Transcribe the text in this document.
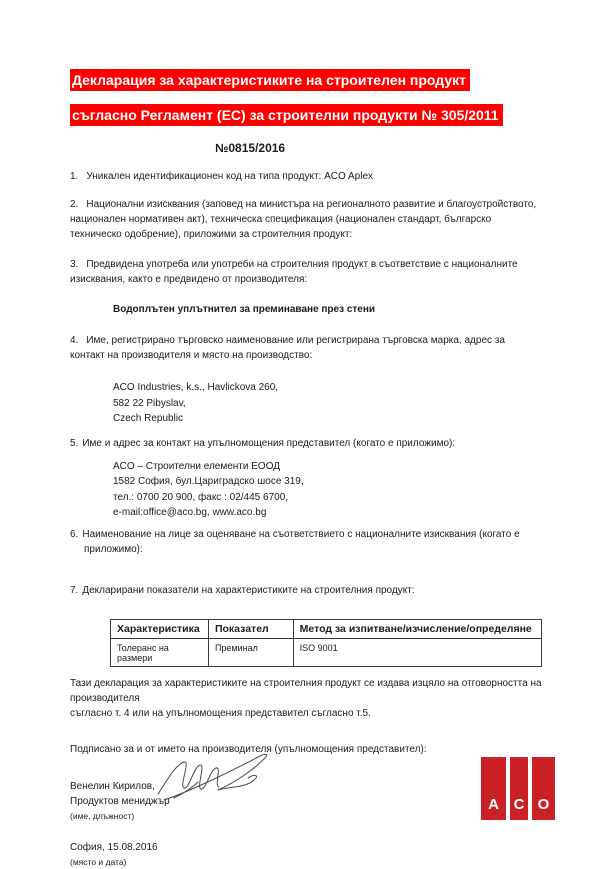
Декларация за характеристиките на строителен продукт

съгласно Регламент (ЕС) за строителни продукти № 305/2011

№0815/2016

1. Уникален идентификационен код на типа продукт: ACO Aplex

2. Национални изисквания (заповед на министъра на регионалното развитие и благоустройството, национален нормативен акт), техническа спецификация (национален стандарт, българско техническо одобрение), приложими за строителния продукт:

3. Предвидена употреба или употреби на строителния продукт в съответствие с националните изисквания, както е предвидено от производителя:

Водоплътен уплътнител за преминаване през стени

4. Име, регистрирано търговско наименование или регистрирана търговска марка, адрес за контакт на производителя и място на производство:

ACO Industries, k.s., Havlickova 260,

582 22 Pibyslav,

Czech Republic

5. Име и адрес за контакт на упълномощения представител (когато е приложимо):

ACO – Строителни елементи ЕООД

1582 София, бул.Цариградско шосе 319,

тел.: 0700 20 900, факс : 02/445 6700,

e-mail:office@aco.bg, www.aco.bg

6. Наименование на лице за оценяване на съответствието с националните изисквания (когато е приложимо):

7. Декларирани показатели на характеристиките на строителния продукт:

Характеристика	Показател	Метод за изпитване/изчисление/определяне
Толеранс на размери	Преминал	ISO 9001

Тази декларация за характеристиките на строителния продукт се издава изцяло на отговорността на

производителя

съгласно т. 4 или на упълномощения представител съгласно т.5.

Подписано за и от името на производителя (упълномощения представител):

Венелин Кирилов,

Продуктов мениджър

(име, длъжност)

София, 15.08.2016

(място и дата)

A C O
